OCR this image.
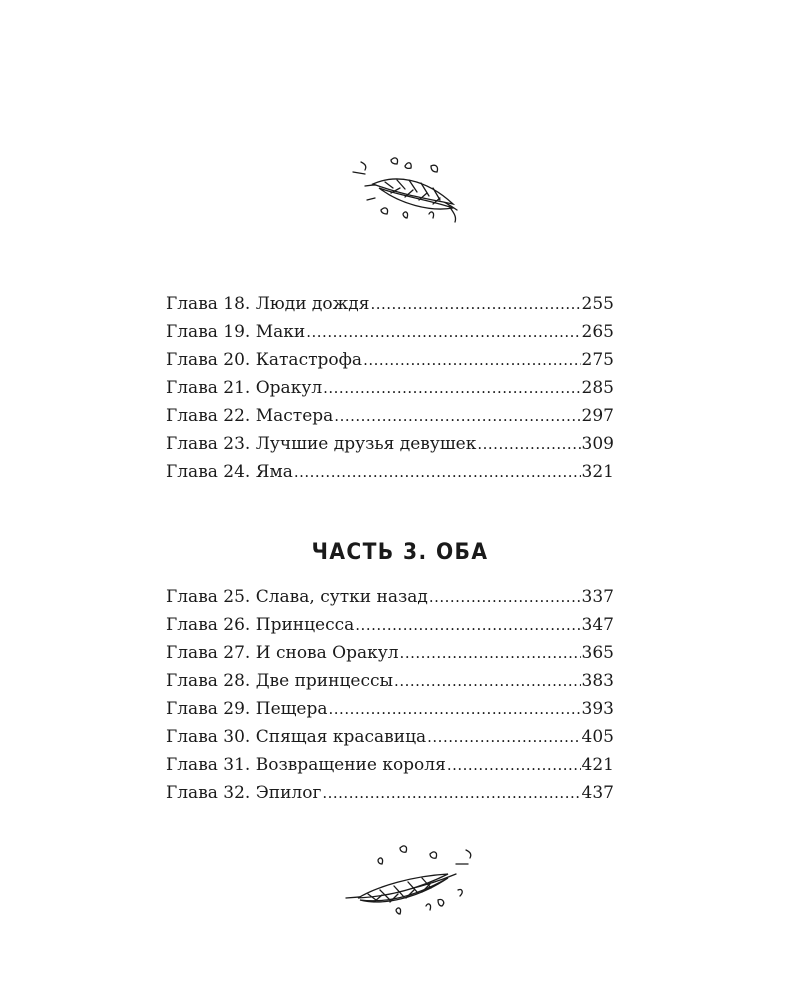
Глава 18. Люди дождя .....	255
Глава 19. Маки .....	265
Глава 20. Катастрофа .....	275
Глава 21. Оракул .....	285
Глава 22. Мастера .....	297
Глава 23. Лучшие друзья девушек .....	309
Глава 24. Яма .....	321
ЧАСТЬ 3. ОБА
Глава 25. Слава, сутки назад .....	337
Глава 26. Принцесса .....	347
Глава 27. И снова Оракул .....	365
Глава 28. Две принцессы .....	383
Глава 29. Пещера .....	393
Глава 30. Спящая красавица .....	405
Глава 31. Возвращение короля .....	421
Глава 32. Эпилог .....	437
